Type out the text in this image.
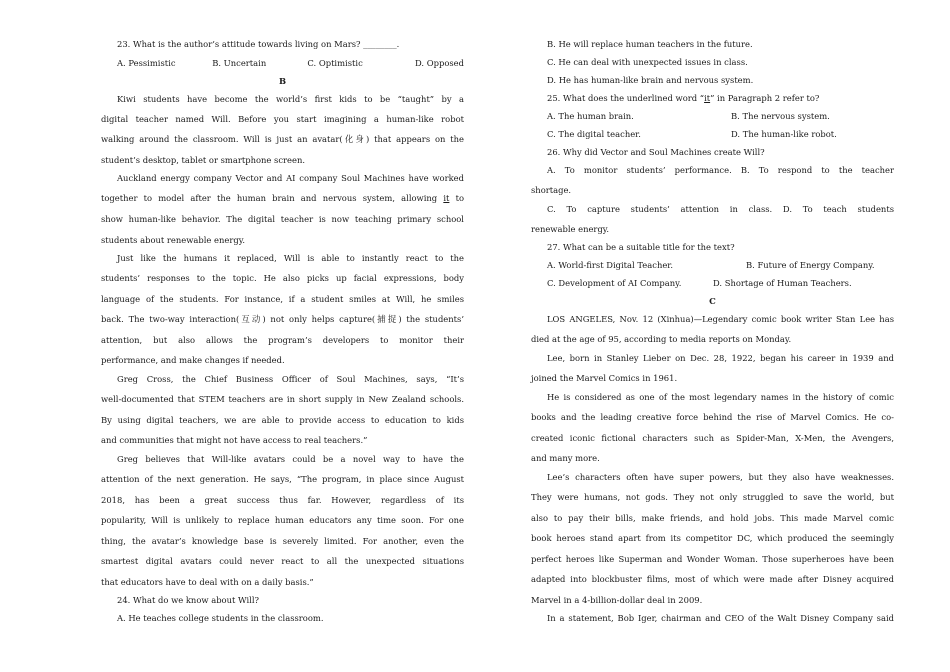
23. What is the author’s attitude towards living on Mars? ________.
A. Pessimistic	B. Uncertain	C. Optimistic	D. Opposed
B
Kiwi students have become the world’s first kids to be “taught” by a
digital teacher named Will. Before you start imagining a human-like robot
walking around the classroom. Will is just an avatar(化身) that appears on the
student’s desktop, tablet or smartphone screen.
Auckland energy company Vector and AI company Soul Machines have worked
together to model after the human brain and nervous system, allowing it to
show human-like behavior. The digital teacher is now teaching primary school
students about renewable energy.
Just like the humans it replaced, Will is able to instantly react to the
students’ responses to the topic. He also picks up facial expressions, body
language of the students. For instance, if a student smiles at Will, he smiles
back. The two-way interaction(互动) not only helps capture(捕捉) the students’
attention, but also allows the program’s developers to monitor their
performance, and make changes if needed.
Greg Cross, the Chief Business Officer of Soul Machines, says, “It’s
well-documented that STEM teachers are in short supply in New Zealand schools.
By using digital teachers, we are able to provide access to education to kids
and communities that might not have access to real teachers.”
Greg believes that Will-like avatars could be a novel way to have the
attention of the next generation. He says, “The program, in place since August
2018, has been a great success thus far. However, regardless of its
popularity, Will is unlikely to replace human educators any time soon. For one
thing, the avatar’s knowledge base is severely limited. For another, even the
smartest digital avatars could never react to all the unexpected situations
that educators have to deal with on a daily basis.”
24. What do we know about Will?
A. He teaches college students in the classroom.
B. He will replace human teachers in the future.
C. He can deal with unexpected issues in class.
D. He has human-like brain and nervous system.
25. What does the underlined word “it” in Paragraph 2 refer to?
A. The human brain.	B. The nervous system.
C. The digital teacher.	D. The human-like robot.
26. Why did Vector and Soul Machines create Will?
A. To monitor students’ performance. B. To respond to the teacher
shortage.
C. To capture students’ attention in class. D. To teach students
renewable energy.
27. What can be a suitable title for the text?
A. World-first Digital Teacher.	B. Future of Energy Company.
C. Development of AI Company.	D. Shortage of Human Teachers.
C
LOS ANGELES, Nov. 12 (Xinhua)—Legendary comic book writer Stan Lee has
died at the age of 95, according to media reports on Monday.
Lee, born in Stanley Lieber on Dec. 28, 1922, began his career in 1939 and
joined the Marvel Comics in 1961.
He is considered as one of the most legendary names in the history of comic
books and the leading creative force behind the rise of Marvel Comics. He co-
created iconic fictional characters such as Spider-Man, X-Men, the Avengers,
and many more.
Lee’s characters often have super powers, but they also have weaknesses.
They were humans, not gods. They not only struggled to save the world, but
also to pay their bills, make friends, and hold jobs. This made Marvel comic
book heroes stand apart from its competitor DC, which produced the seemingly
perfect heroes like Superman and Wonder Woman. Those superheroes have been
adapted into blockbuster films, most of which were made after Disney acquired
Marvel in a 4-billion-dollar deal in 2009.
In a statement, Bob Iger, chairman and CEO of the Walt Disney Company said
